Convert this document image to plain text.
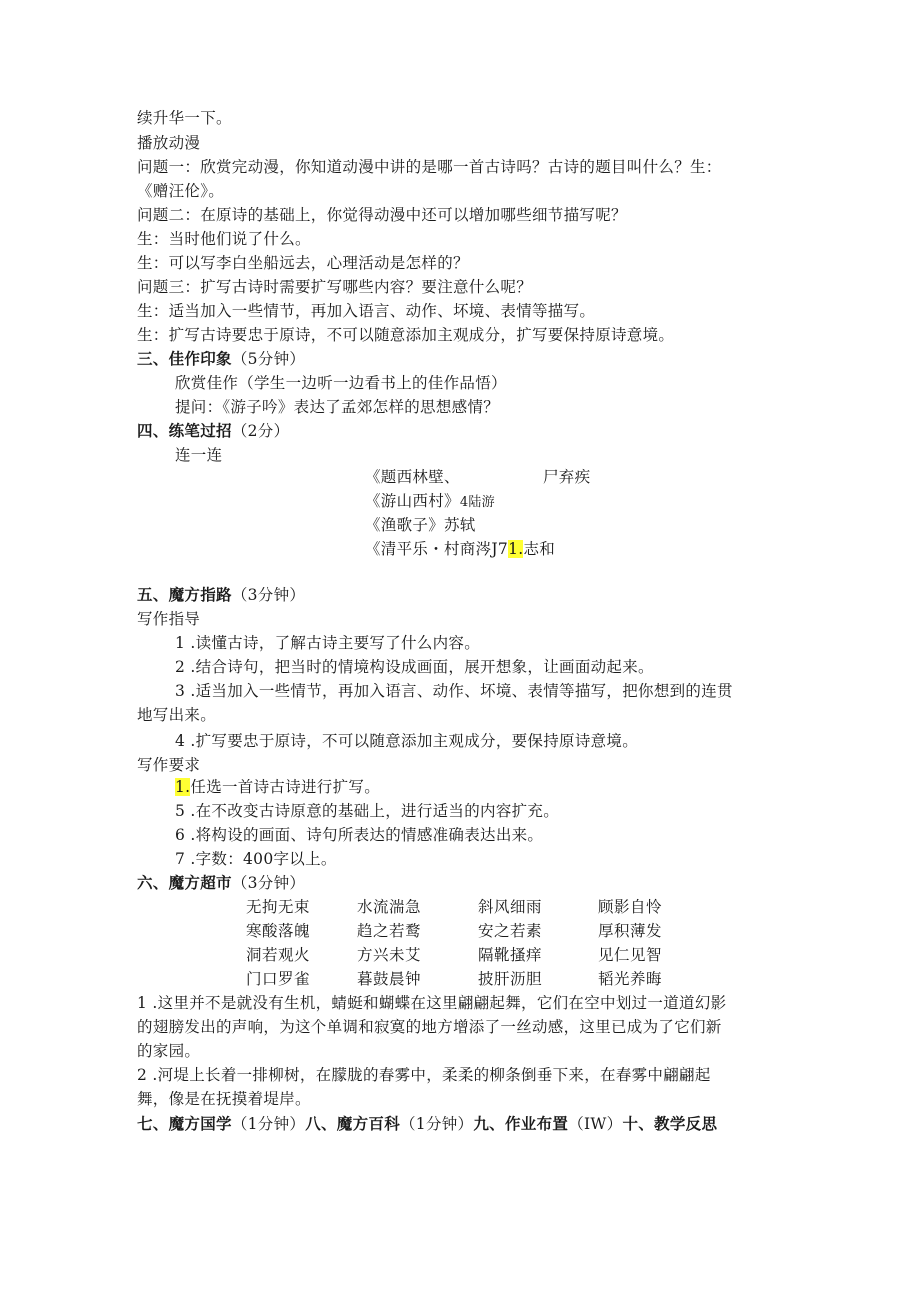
续升华一下。
播放动漫
问题一：欣赏完动漫，你知道动漫中讲的是哪一首古诗吗？古诗的题目叫什么？生：
《赠汪伦》。
问题二：在原诗的基础上，你觉得动漫中还可以增加哪些细节描写呢？
生：当时他们说了什么。
生：可以写李白坐船远去，心理活动是怎样的？
问题三：扩写古诗时需要扩写哪些内容？要注意什么呢？
生：适当加入一些情节，再加入语言、动作、坏境、表情等描写。
生：扩写古诗要忠于原诗，不可以随意添加主观成分，扩写要保持原诗意境。
三、佳作印象（5分钟）
欣赏佳作（学生一边听一边看书上的佳作品悟）
提问：《游子吟》表达了孟郊怎样的思想感情？
四、练笔过招（2分）
连一连
《题西林壁、	尸弃疾
《游山西村》4陆游
《渔歌子》苏轼
《清平乐・村商涔J71.志和
五、魔方指路（3分钟）
写作指导
1 .读懂古诗，了解古诗主要写了什么内容。
2 .结合诗句，把当时的情境构设成画面，展开想象，让画面动起来。
3 .适当加入一些情节，再加入语言、动作、坏境、表情等描写，把你想到的连贯
地写出来。
4 .扩写要忠于原诗，不可以随意添加主观成分，要保持原诗意境。
写作要求
1.任选一首诗古诗进行扩写。
5 .在不改变古诗原意的基础上，进行适当的内容扩充。
6 .将构设的画面、诗句所表达的情感准确表达出来。
7 .字数：400字以上。
六、魔方超市（3分钟）
无拘无束	水流湍急	斜风细雨	顾影自怜
寒酸落魄	趋之若鹜	安之若素	厚积薄发
洞若观火	方兴未艾	隔靴搔痒	见仁见智
门口罗雀	暮鼓晨钟	披肝沥胆	韬光养晦
1 .这里并不是就没有生机，蜻蜓和蝴蝶在这里翩翩起舞，它们在空中划过一道道幻影
的翅膀发出的声响，为这个单调和寂寞的地方增添了一丝动感，这里已成为了它们新
的家园。
2 .河堤上长着一排柳树，在朦胧的春雾中，柔柔的柳条倒垂下来，在春雾中翩翩起
舞，像是在抚摸着堤岸。
七、魔方国学（1分钟）八、魔方百科（1分钟）九、作业布置（IW）十、教学反思
